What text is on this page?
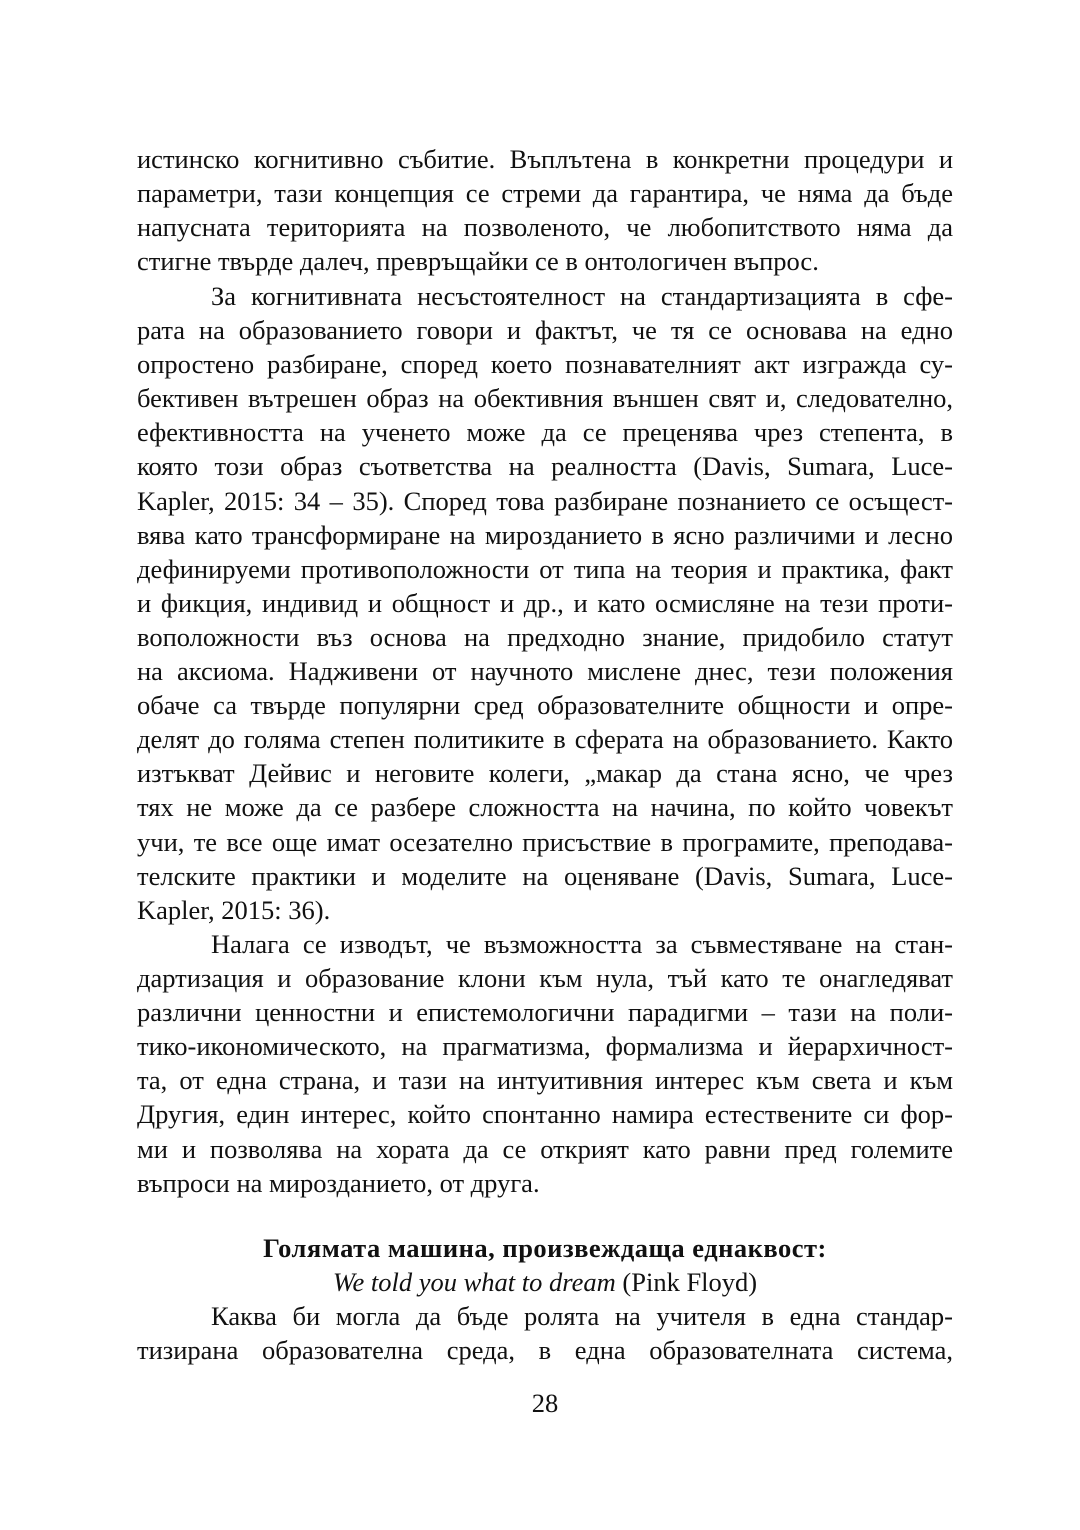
истинско когнитивно събитие. Въплътена в конкретни процедури и
параметри, тази концепция се стреми да гарантира, че няма да бъде
напусната територията на позволеното, че любопитството няма да
стигне твърде далеч, превръщайки се в онтологичен въпрос.
За когнитивната несъстоятелност на стандартизацията в сфе-
рата на образованието говори и фактът, че тя се основава на едно
опростено разбиране, според което познавателният акт изгражда су-
бективен вътрешен образ на обективния външен свят и, следователно,
ефективността на ученето може да се преценява чрез степента, в
която този образ съответства на реалността (Davis, Sumara, Luce-
Kapler, 2015: 34 – 35). Според това разбиране познанието се осъщест-
вява като трансформиране на мирозданието в ясно различими и лесно
дефинируеми противоположности от типа на теория и практика, факт
и фикция, индивид и общност и др., и като осмисляне на тези проти-
воположности въз основа на предходно знание, придобило статут
на аксиома. Надживени от научното мислене днес, тези положения
обаче са твърде популярни сред образователните общности и опре-
делят до голяма степен политиките в сферата на образованието. Както
изтъкват Дейвис и неговите колеги, „макар да стана ясно, че чрез
тях не може да се разбере сложността на начина, по който човекът
учи, те все още имат осезателно присъствие в програмите, преподава-
телските практики и моделите на оценяване (Davis, Sumara, Luce-
Kapler, 2015: 36).
Налага се изводът, че възможността за съвместяване на стан-
дартизация и образование клони към нула, тъй като те онагледяват
различни ценностни и епистемологични парадигми – тази на поли-
тико-икономическото, на прагматизма, формализма и йерархичност-
та, от една страна, и тази на интуитивния интерес към света и към
Другия, един интерес, който спонтанно намира естествените си фор-
ми и позволява на хората да се открият като равни пред големите
въпроси на мирозданието, от друга.
Голямата машина, произвеждаща еднаквост:
We told you what to dream (Pink Floyd)
Каква би могла да бъде ролята на учителя в една стандар-
тизирана образователна среда, в една образователната система,
28
